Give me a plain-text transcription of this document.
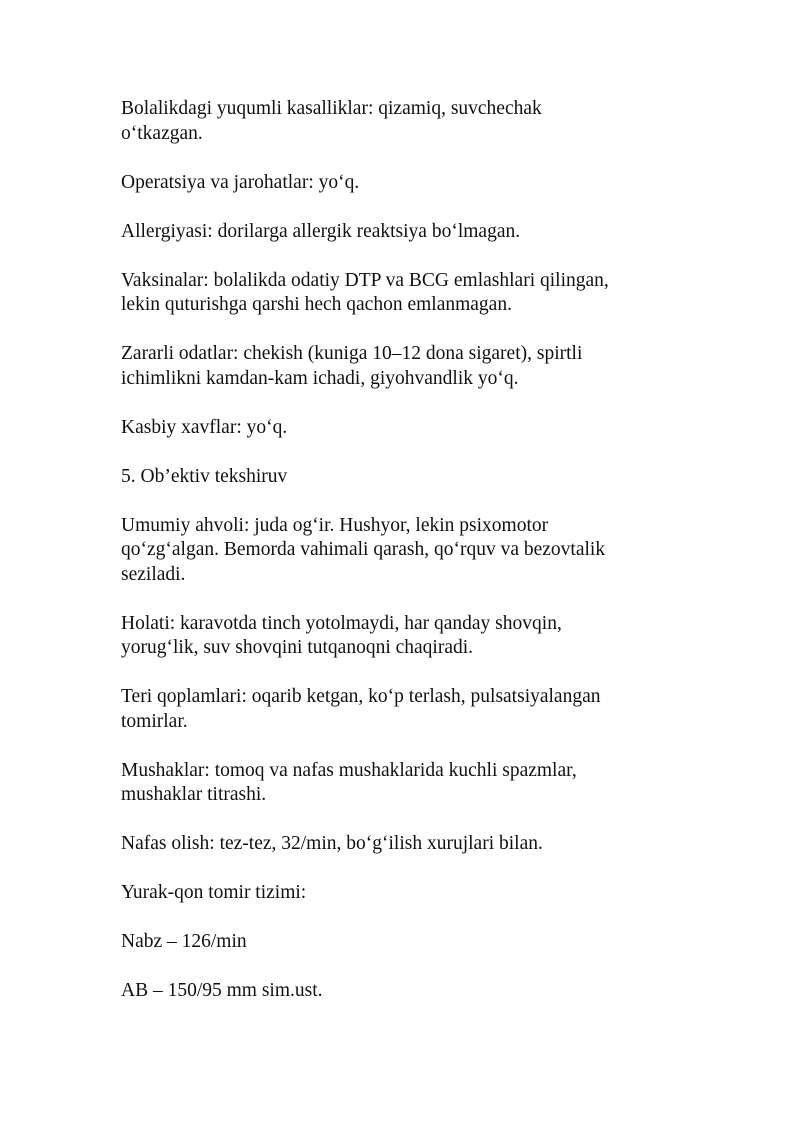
Bolalikdagi yuqumli kasalliklar: qizamiq, suvchechak
o‘tkazgan.

Operatsiya va jarohatlar: yo‘q.

Allergiyasi: dorilarga allergik reaktsiya bo‘lmagan.

Vaksinalar: bolalikda odatiy DTP va BCG emlashlari qilingan,
lekin quturishga qarshi hech qachon emlanmagan.

Zararli odatlar: chekish (kuniga 10–12 dona sigaret), spirtli
ichimlikni kamdan-kam ichadi, giyohvandlik yo‘q.

Kasbiy xavflar: yo‘q.

5. Ob’ektiv tekshiruv

Umumiy ahvoli: juda og‘ir. Hushyor, lekin psixomotor
qo‘zg‘algan. Bemorda vahimali qarash, qo‘rquv va bezovtalik
seziladi.

Holati: karavotda tinch yotolmaydi, har qanday shovqin,
yorug‘lik, suv shovqini tutqanoqni chaqiradi.

Teri qoplamlari: oqarib ketgan, ko‘p terlash, pulsatsiyalangan
tomirlar.

Mushaklar: tomoq va nafas mushaklarida kuchli spazmlar,
mushaklar titrashi.

Nafas olish: tez-tez, 32/min, bo‘g‘ilish xurujlari bilan.

Yurak-qon tomir tizimi:

Nabz – 126/min

AB – 150/95 mm sim.ust.
